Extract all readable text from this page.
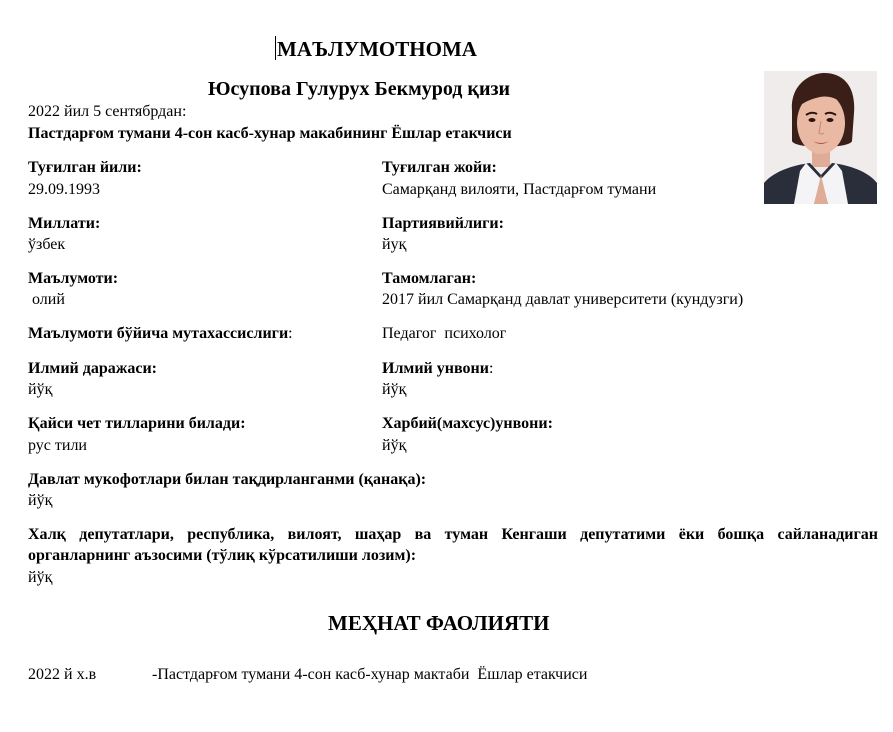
МАЪЛУМОТНОМА
Юсупова Гулурух Бекмурод қизи
2022 йил 5 сентябрдан:
Пастдарғом тумани 4-сон касб-хунар макабининг Ёшлар етакчиси
Туғилган йили:
29.09.1993
Туғилган жойи:
Самарқанд вилояти, Пастдарғом тумани
Миллати:
ўзбек
Партиявийлиги:
йуқ
Маълумоти:
олий
Тамомлаган:
2017 йил Самарқанд давлат университети (кундузги)
Маълумоти бўйича мутахассислиги:	Педагог  психолог
Илмий даражаси:
йўқ
Илмий унвони:
йўқ
Қайси чет тилларини билади:
рус тили
Харбий(махсус)унвони:
йўқ
Давлат мукофотлари билан тақдирланганми (қанақа):
йўқ
Халқ депутатлари, республика, вилоят, шаҳар ва туман Кенгаши депутатими ёки бошқа сайланадиган органларнинг аъзосими (тўлиқ кўрсатилиши лозим):
йўқ
МЕҲНАТ ФАОЛИЯТИ
2022 й х.в	-Пастдарғом тумани 4-сон касб-хунар мактаби  Ёшлар етакчиси
